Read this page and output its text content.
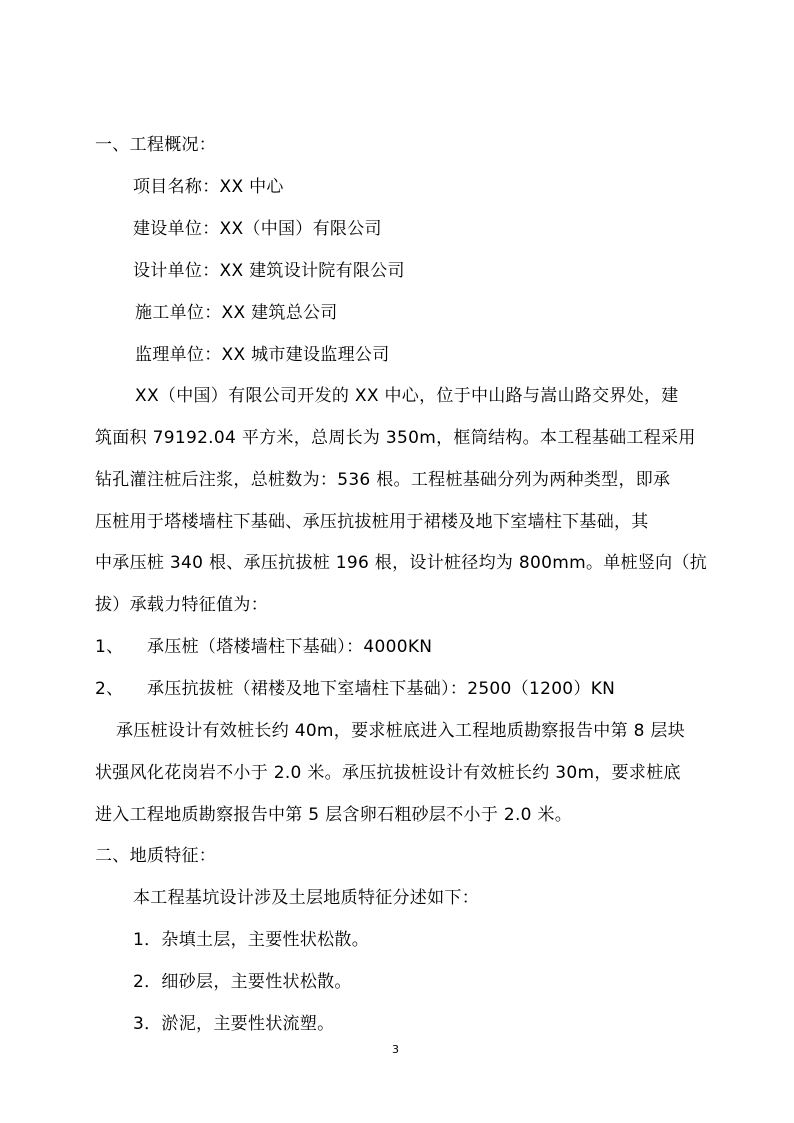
一、工程概况：
项目名称：XX 中心
建设单位：XX（中国）有限公司
设计单位：XX 建筑设计院有限公司
施工单位：XX 建筑总公司
监理单位：XX 城市建设监理公司
XX（中国）有限公司开发的 XX 中心，位于中山路与嵩山路交界处，建
筑面积 79192.04 平方米，总周长为 350m，框筒结构。本工程基础工程采用
钻孔灌注桩后注浆，总桩数为：536 根。工程桩基础分列为两种类型，即承
压桩用于塔楼墙柱下基础、承压抗拔桩用于裙楼及地下室墙柱下基础，其
中承压桩 340 根、承压抗拔桩 196 根，设计桩径均为 800mm。单桩竖向（抗
拔）承载力特征值为：
1、 承压桩（塔楼墙柱下基础）：4000KN
2、 承压抗拔桩（裙楼及地下室墙柱下基础）：2500（1200）KN
承压桩设计有效桩长约 40m，要求桩底进入工程地质勘察报告中第 8 层块
状强风化花岗岩不小于 2.0 米。承压抗拔桩设计有效桩长约 30m，要求桩底
进入工程地质勘察报告中第 5 层含卵石粗砂层不小于 2.0 米。
二、地质特征：
本工程基坑设计涉及土层地质特征分述如下：
1．杂填土层，主要性状松散。
2．细砂层，主要性状松散。
3．淤泥，主要性状流塑。
3
